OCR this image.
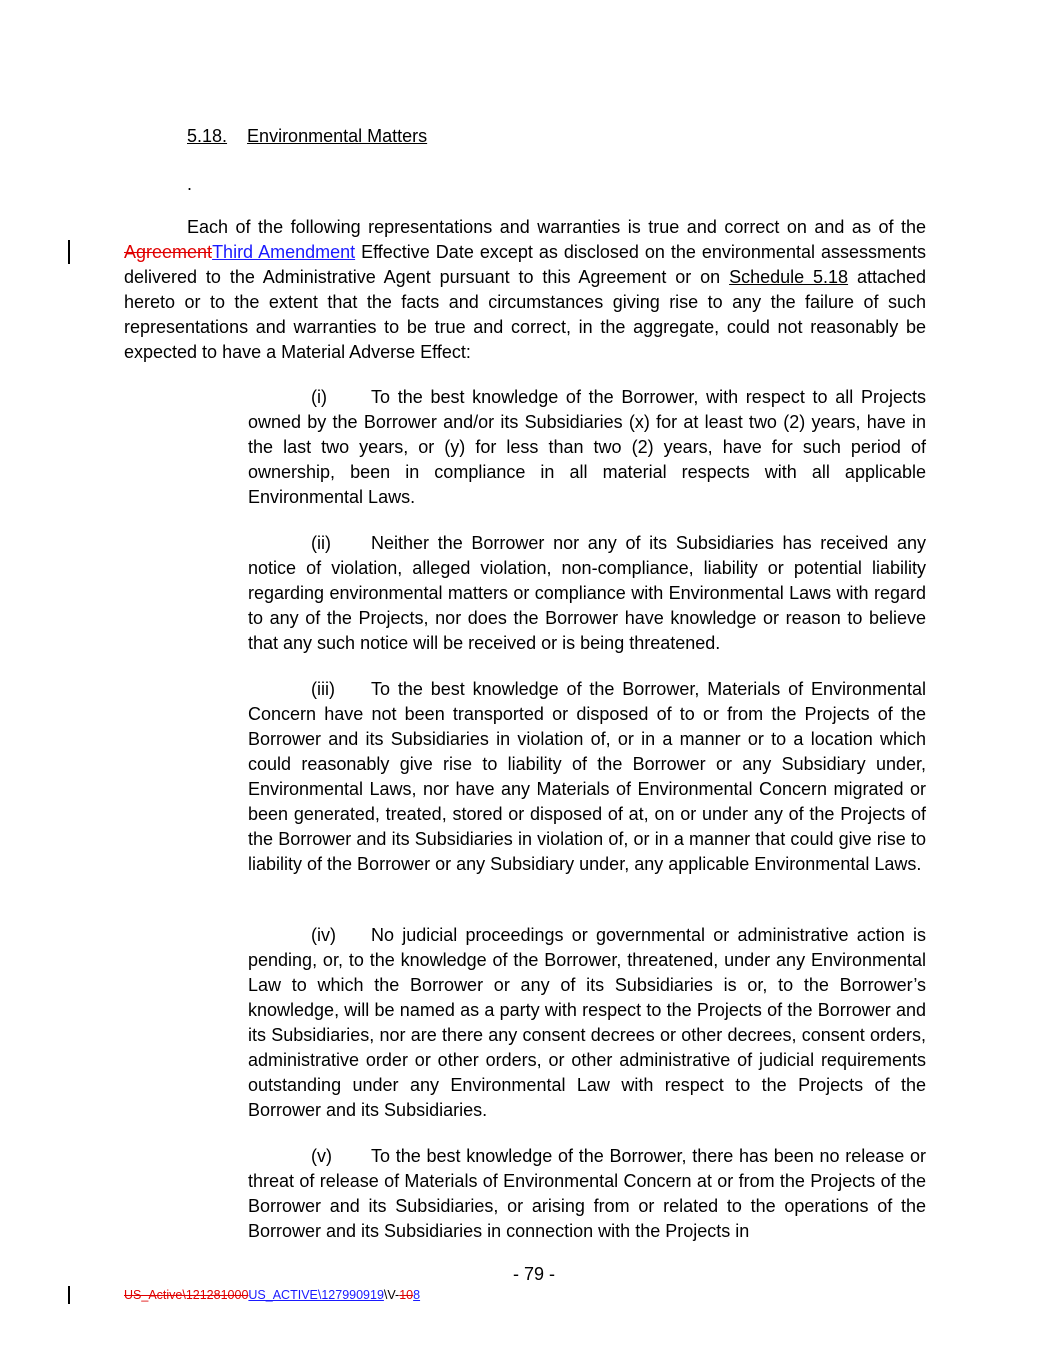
5.18. Environmental Matters
.

Each of the following representations and warranties is true and correct on and as of the AgreementThird Amendment Effective Date except as disclosed on the environmental assessments delivered to the Administrative Agent pursuant to this Agreement or on Schedule 5.18 attached hereto or to the extent that the facts and circumstances giving rise to any the failure of such representations and warranties to be true and correct, in the aggregate, could not reasonably be expected to have a Material Adverse Effect:

(i) To the best knowledge of the Borrower, with respect to all Projects owned by the Borrower and/or its Subsidiaries (x) for at least two (2) years, have in the last two years, or (y) for less than two (2) years, have for such period of ownership, been in compliance in all material respects with all applicable Environmental Laws.

(ii) Neither the Borrower nor any of its Subsidiaries has received any notice of violation, alleged violation, non-compliance, liability or potential liability regarding environmental matters or compliance with Environmental Laws with regard to any of the Projects, nor does the Borrower have knowledge or reason to believe that any such notice will be received or is being threatened.

(iii) To the best knowledge of the Borrower, Materials of Environmental Concern have not been transported or disposed of to or from the Projects of the Borrower and its Subsidiaries in violation of, or in a manner or to a location which could reasonably give rise to liability of the Borrower or any Subsidiary under, Environmental Laws, nor have any Materials of Environmental Concern migrated or been generated, treated, stored or disposed of at, on or under any of the Projects of the Borrower and its Subsidiaries in violation of, or in a manner that could give rise to liability of the Borrower or any Subsidiary under, any applicable Environmental Laws.

(iv) No judicial proceedings or governmental or administrative action is pending, or, to the knowledge of the Borrower, threatened, under any Environmental Law to which the Borrower or any of its Subsidiaries is or, to the Borrower’s knowledge, will be named as a party with respect to the Projects of the Borrower and its Subsidiaries, nor are there any consent decrees or other decrees, consent orders, administrative order or other orders, or other administrative of judicial requirements outstanding under any Environmental Law with respect to the Projects of the Borrower and its Subsidiaries.

(v) To the best knowledge of the Borrower, there has been no release or threat of release of Materials of Environmental Concern at or from the Projects of the Borrower and its Subsidiaries, or arising from or related to the operations of the Borrower and its Subsidiaries in connection with the Projects in

- 79 -
US_Active\121281000US_ACTIVE\127990919\V-108
